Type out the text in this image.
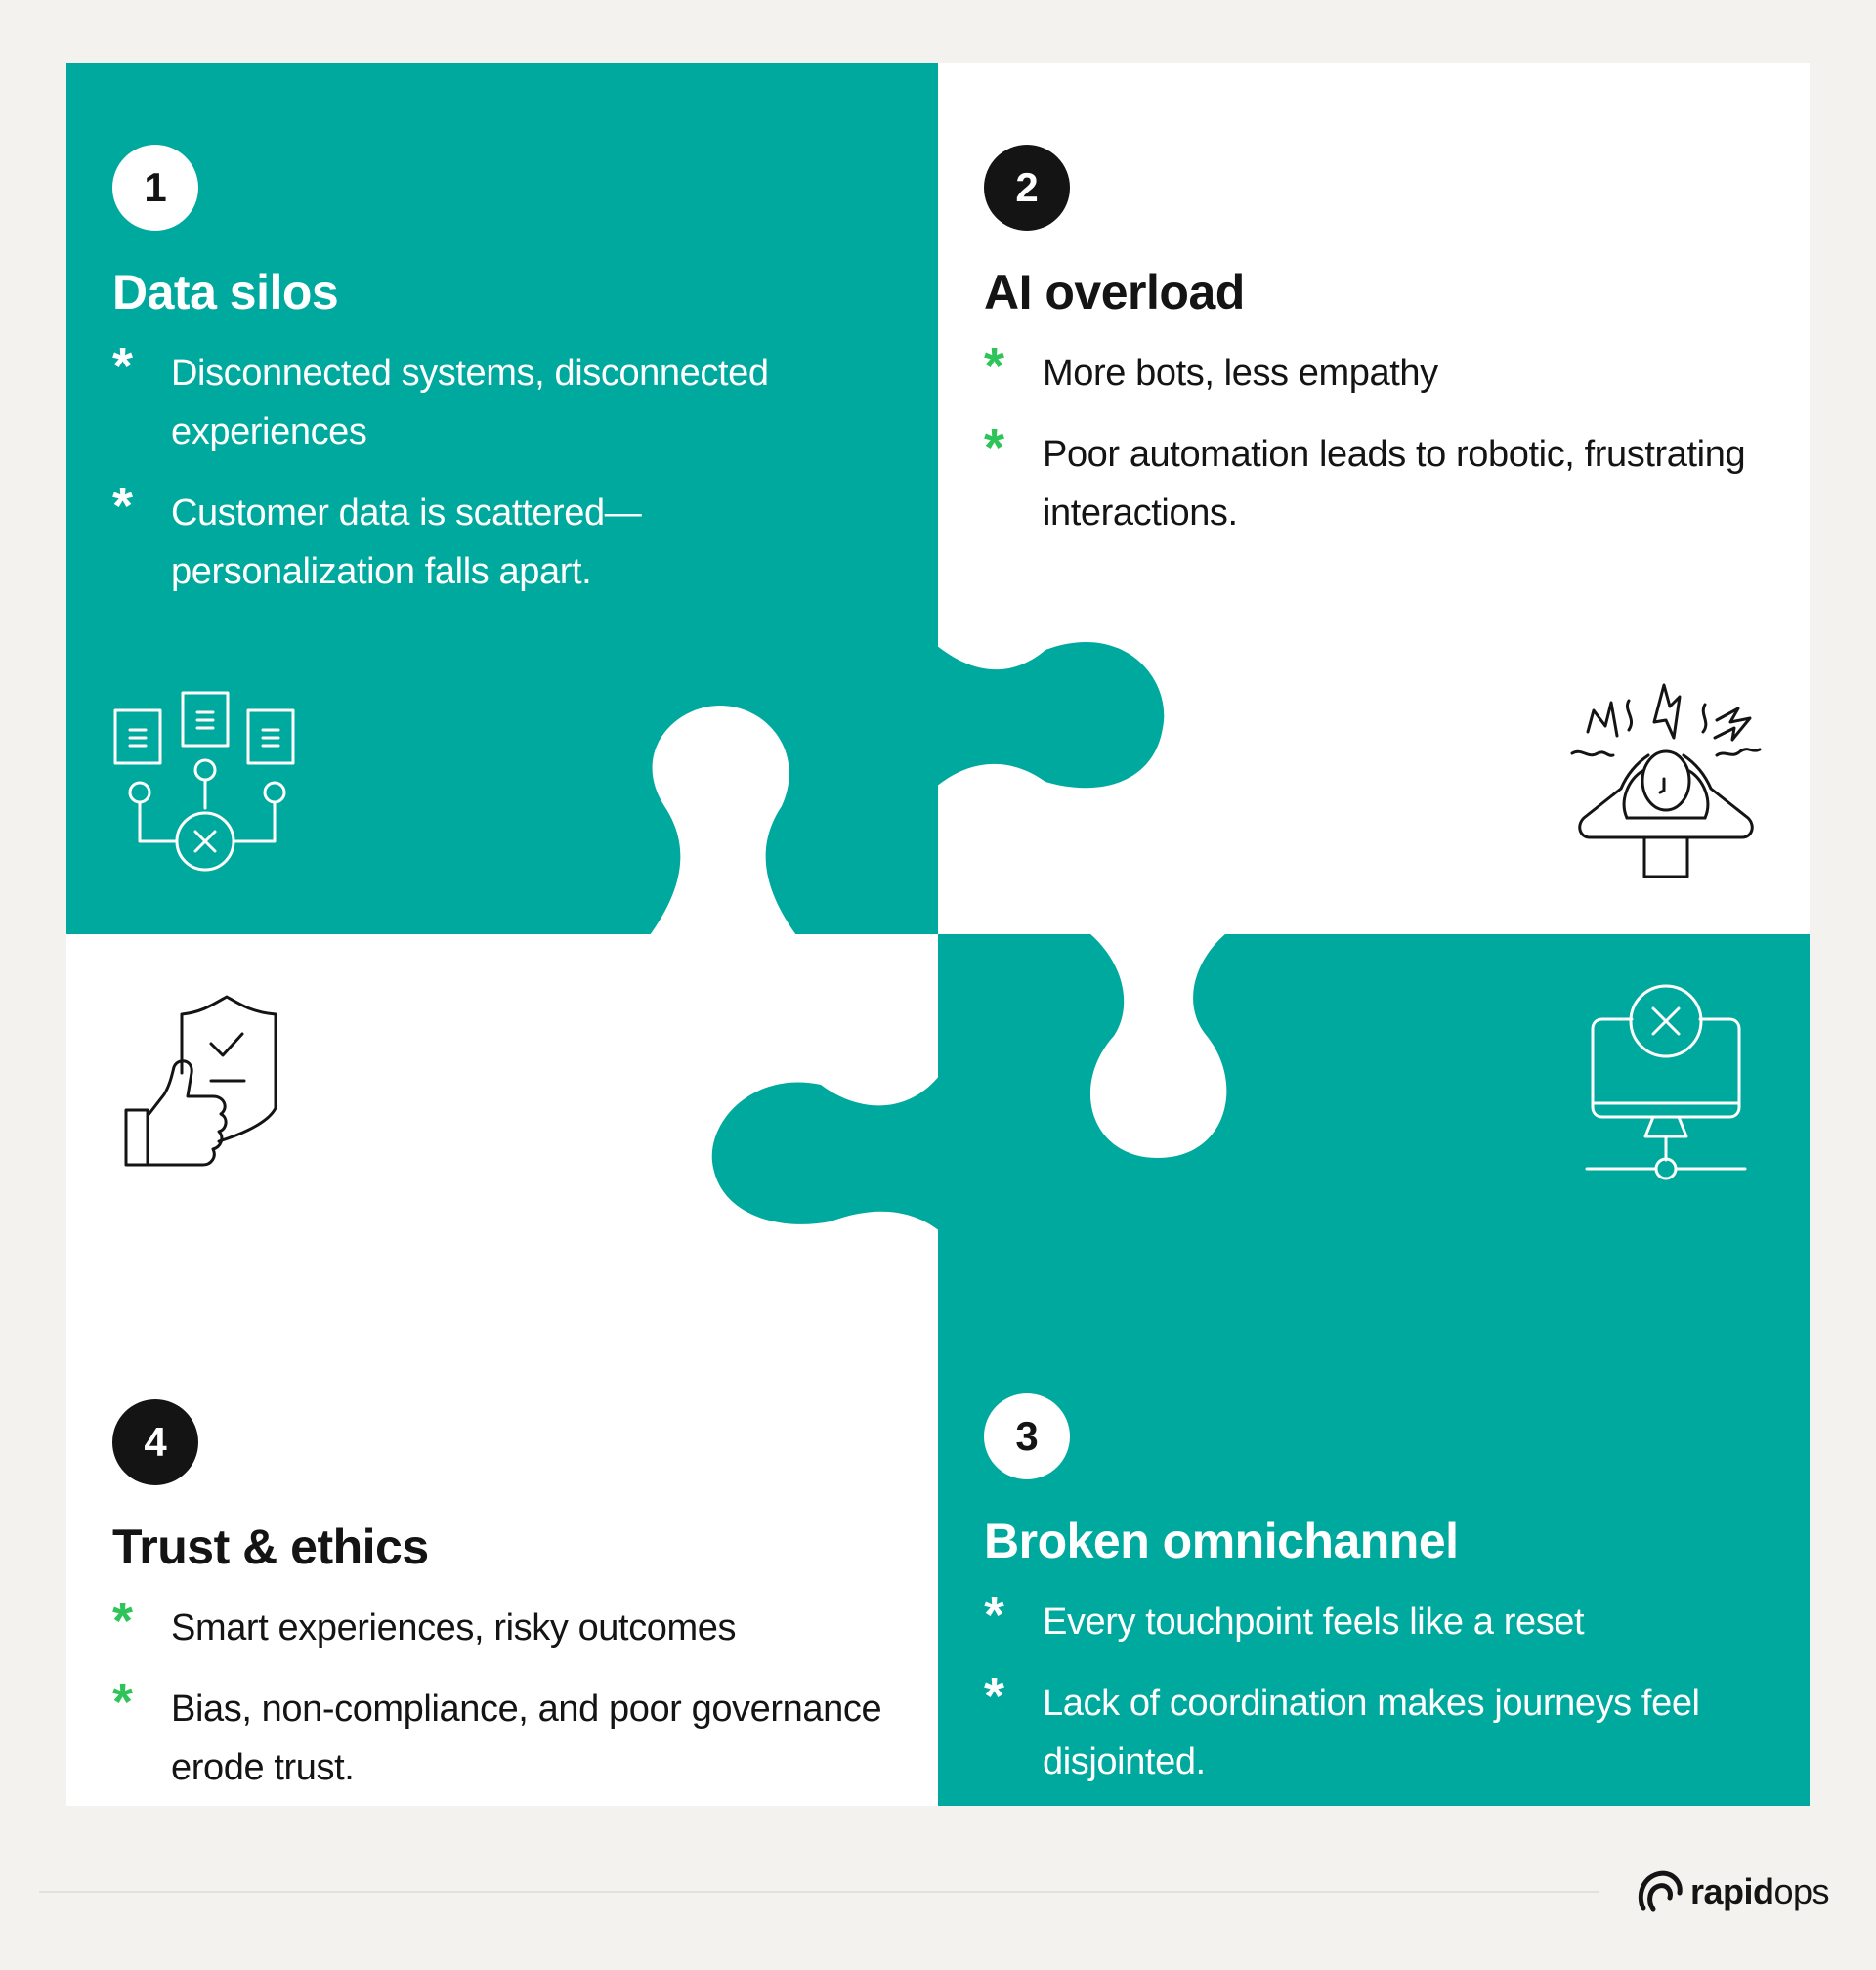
1
Data silos
*	Disconnected systems, disconnected experiences
*	Customer data is scattered—personalization falls apart.
2
AI overload
*	More bots, less empathy
*	Poor automation leads to robotic, frustrating interactions.
4
Trust & ethics
*	Smart experiences, risky outcomes
*	Bias, non-compliance, and poor governance erode trust.
3
Broken omnichannel
*	Every touchpoint feels like a reset
*	Lack of coordination makes journeys feel disjointed.
rapidops
